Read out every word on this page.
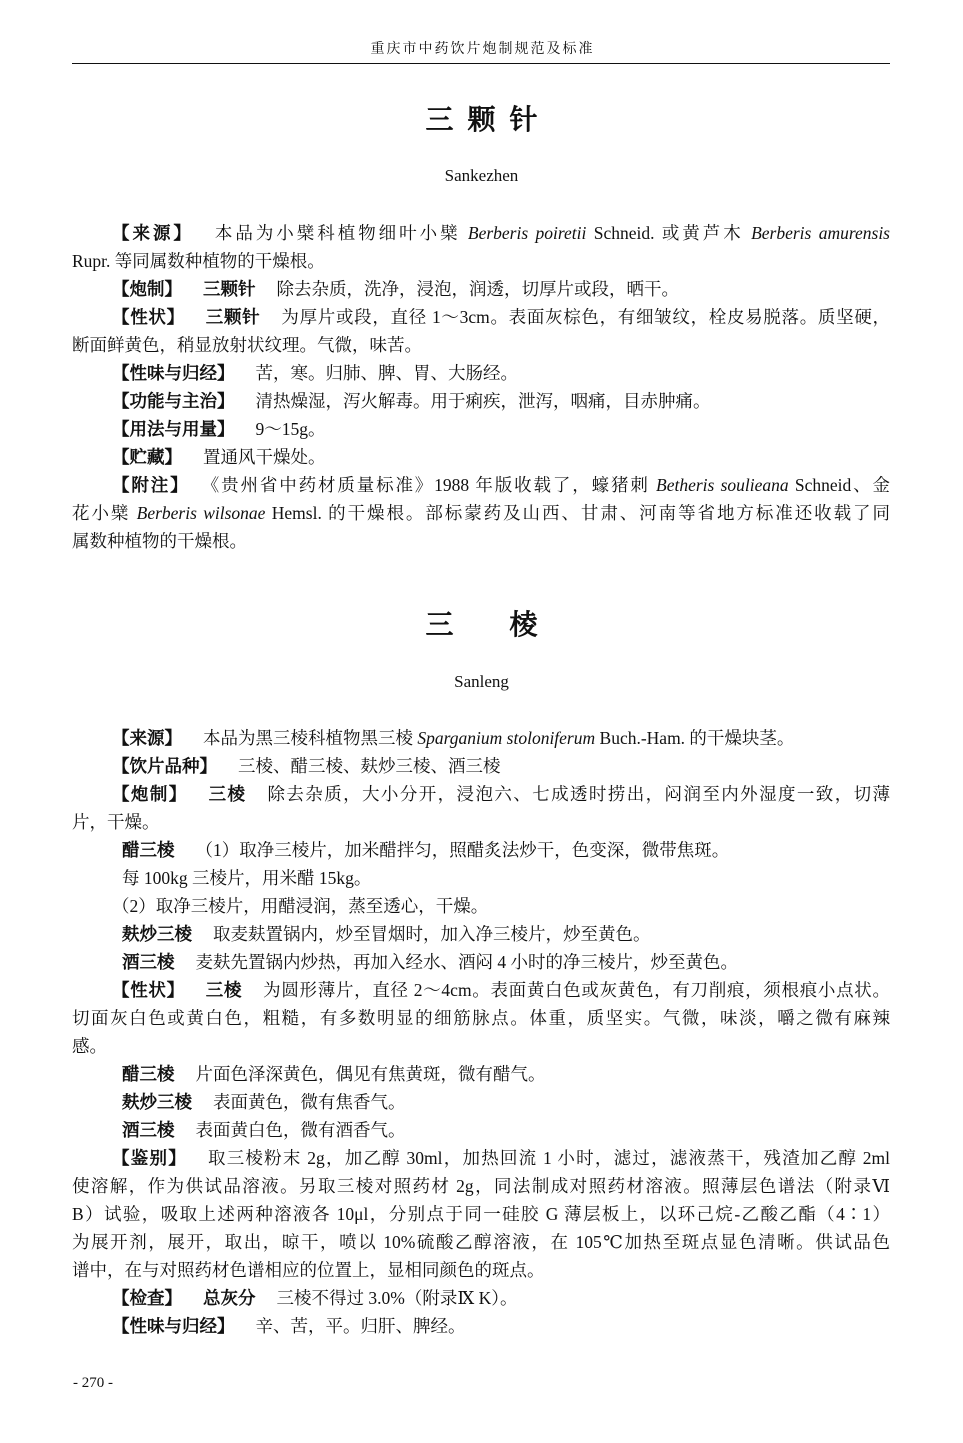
重庆市中药饮片炮制规范及标准
三颗针
Sankezhen
【来源】 本品为小檗科植物细叶小檗 Berberis poiretii Schneid. 或黄芦木 Berberis amurensis
Rupr. 等同属数种植物的干燥根。
【炮制】 三颗针 除去杂质，洗净，浸泡，润透，切厚片或段，晒干。
【性状】 三颗针 为厚片或段，直径 1～3cm。表面灰棕色，有细皱纹，栓皮易脱落。质坚硬，
断面鲜黄色，稍显放射状纹理。气微，味苦。
【性味与归经】 苦，寒。归肺、脾、胃、大肠经。
【功能与主治】 清热燥湿，泻火解毒。用于痢疾，泄泻，咽痛，目赤肿痛。
【用法与用量】 9～15g。
【贮藏】 置通风干燥处。
【附注】 《贵州省中药材质量标准》1988 年版收载了，蠔猪刺 Betheris soulieana Schneid、金
花小檗 Berberis wilsonae Hemsl. 的干燥根。部标蒙药及山西、甘肃、河南等省地方标准还收载了同
属数种植物的干燥根。
三棱
Sanleng
【来源】 本品为黑三棱科植物黑三棱 Sparganium stoloniferum Buch.-Ham. 的干燥块茎。
【饮片品种】 三棱、醋三棱、麸炒三棱、酒三棱
【炮制】 三棱 除去杂质，大小分开，浸泡六、七成透时捞出，闷润至内外湿度一致，切薄
片，干燥。
醋三棱 （1）取净三棱片，加米醋拌匀，照醋炙法炒干，色变深，微带焦斑。
每 100kg 三棱片，用米醋 15kg。
（2）取净三棱片，用醋浸润，蒸至透心，干燥。
麸炒三棱 取麦麸置锅内，炒至冒烟时，加入净三棱片，炒至黄色。
酒三棱 麦麸先置锅内炒热，再加入经水、酒闷 4 小时的净三棱片，炒至黄色。
【性状】 三棱 为圆形薄片，直径 2～4cm。表面黄白色或灰黄色，有刀削痕，须根痕小点状。
切面灰白色或黄白色，粗糙，有多数明显的细筋脉点。体重，质坚实。气微，味淡，嚼之微有麻辣
感。
醋三棱 片面色泽深黄色，偶见有焦黄斑，微有醋气。
麸炒三棱 表面黄色，微有焦香气。
酒三棱 表面黄白色，微有酒香气。
【鉴别】 取三棱粉末 2g，加乙醇 30ml，加热回流 1 小时，滤过，滤液蒸干，残渣加乙醇 2ml
使溶解，作为供试品溶液。另取三棱对照药材 2g，同法制成对照药材溶液。照薄层色谱法（附录Ⅵ
B）试验，吸取上述两种溶液各 10μl，分别点于同一硅胶 G 薄层板上，以环己烷-乙酸乙酯（4∶1）
为展开剂，展开，取出，晾干，喷以 10%硫酸乙醇溶液，在 105℃加热至斑点显色清晰。供试品色
谱中，在与对照药材色谱相应的位置上，显相同颜色的斑点。
【检查】 总灰分 三棱不得过 3.0%（附录Ⅸ K）。
【性味与归经】 辛、苦，平。归肝、脾经。
- 270 -
